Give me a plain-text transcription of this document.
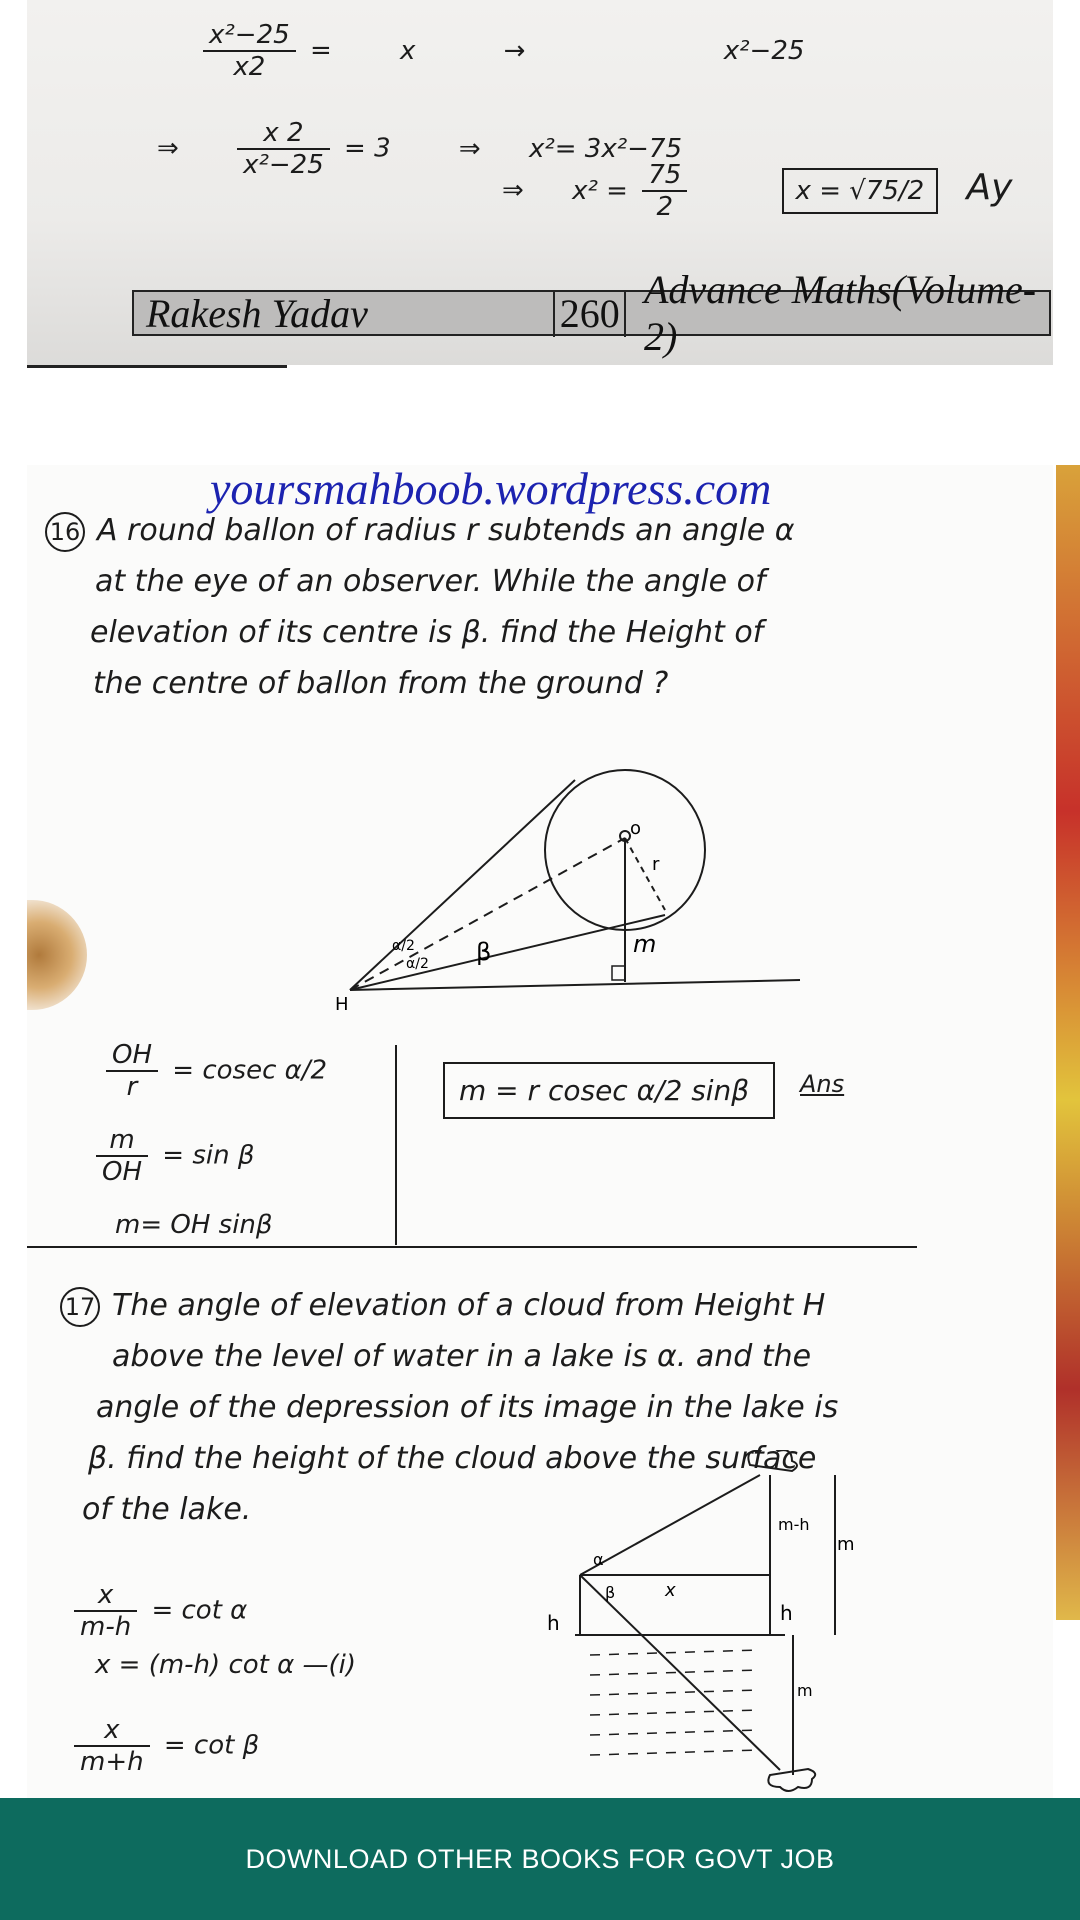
$\frac{\text{x²−25}}{x2}$ =	x	→	x²−25
⇒ $\frac{x 2}{\text{x²−25}} = 3$	⇒ x²= 3x²−75
⇒ $x^2 = \frac{75}{2}$	x = √75/2 Ay
Rakesh Yadav	260
Advance Maths(Volume-2)
yoursmahboob.wordpress.com
16 A round ballon of radius r subtends an angle α
at the eye of an observer. While the angle of
elevation of its centre is β. find the Height of
the centre of ballon from the ground ?
o
r
m
H
β
α/2
α/2
$\frac{OH}{r} = cosec$ α/2
$\frac{m}{OH} = \sin \beta$
m= OH sinβ
m = r cosec α/2 sinβ	Ans
17 The angle of elevation of a cloud from Height H
above the level of water in a lake is α. and the
angle of the depression of its image in the lake is
β. find the height of the cloud above the surface
of the lake.
α
β	x
h	h
m-h
m
m
$\frac{x}{m-h} = \cot \alpha$
x = (m-h) cot α —(i)
$\frac{x}{m+h} = \cot \beta$
DOWNLOAD OTHER BOOKS FOR GOVT JOB
